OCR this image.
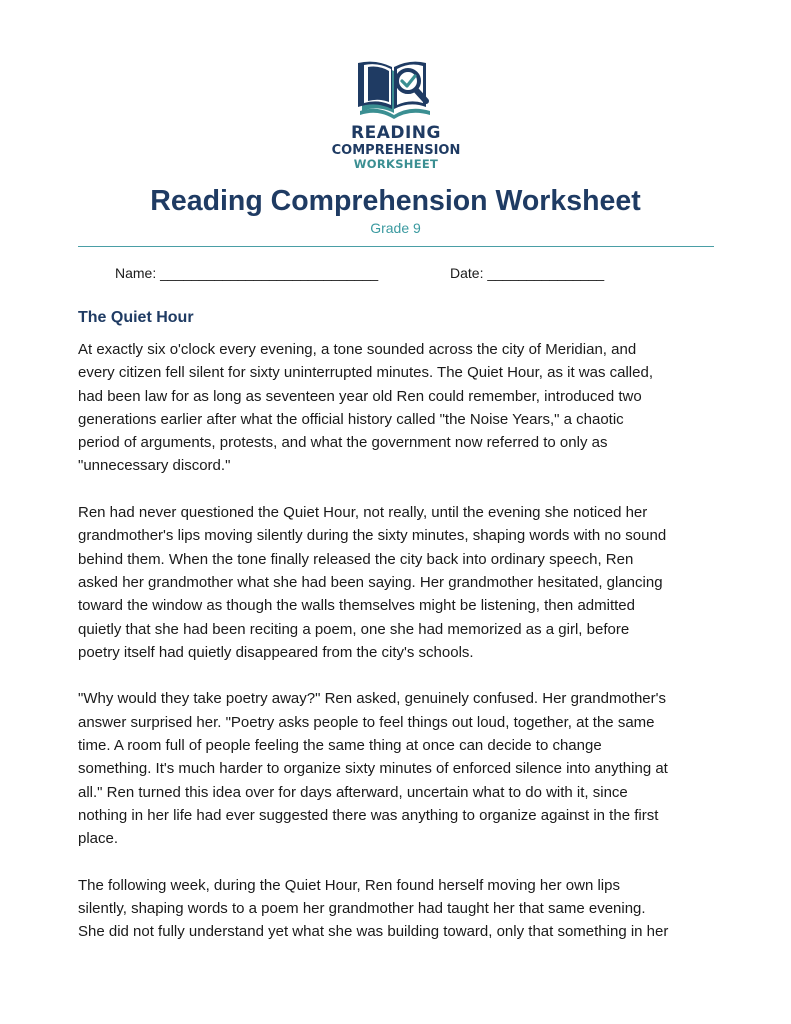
READING
COMPREHENSION
WORKSHEET
Reading Comprehension Worksheet
Grade 9
Name: ____________________________	Date: _______________
The Quiet Hour

At exactly six o'clock every evening, a tone sounded across the city of Meridian, and
every citizen fell silent for sixty uninterrupted minutes. The Quiet Hour, as it was called,
had been law for as long as seventeen year old Ren could remember, introduced two
generations earlier after what the official history called "the Noise Years," a chaotic
period of arguments, protests, and what the government now referred to only as
"unnecessary discord."

Ren had never questioned the Quiet Hour, not really, until the evening she noticed her
grandmother's lips moving silently during the sixty minutes, shaping words with no sound
behind them. When the tone finally released the city back into ordinary speech, Ren
asked her grandmother what she had been saying. Her grandmother hesitated, glancing
toward the window as though the walls themselves might be listening, then admitted
quietly that she had been reciting a poem, one she had memorized as a girl, before
poetry itself had quietly disappeared from the city's schools.

"Why would they take poetry away?" Ren asked, genuinely confused. Her grandmother's
answer surprised her. "Poetry asks people to feel things out loud, together, at the same
time. A room full of people feeling the same thing at once can decide to change
something. It's much harder to organize sixty minutes of enforced silence into anything at
all." Ren turned this idea over for days afterward, uncertain what to do with it, since
nothing in her life had ever suggested there was anything to organize against in the first
place.

The following week, during the Quiet Hour, Ren found herself moving her own lips
silently, shaping words to a poem her grandmother had taught her that same evening.
She did not fully understand yet what she was building toward, only that something in her
